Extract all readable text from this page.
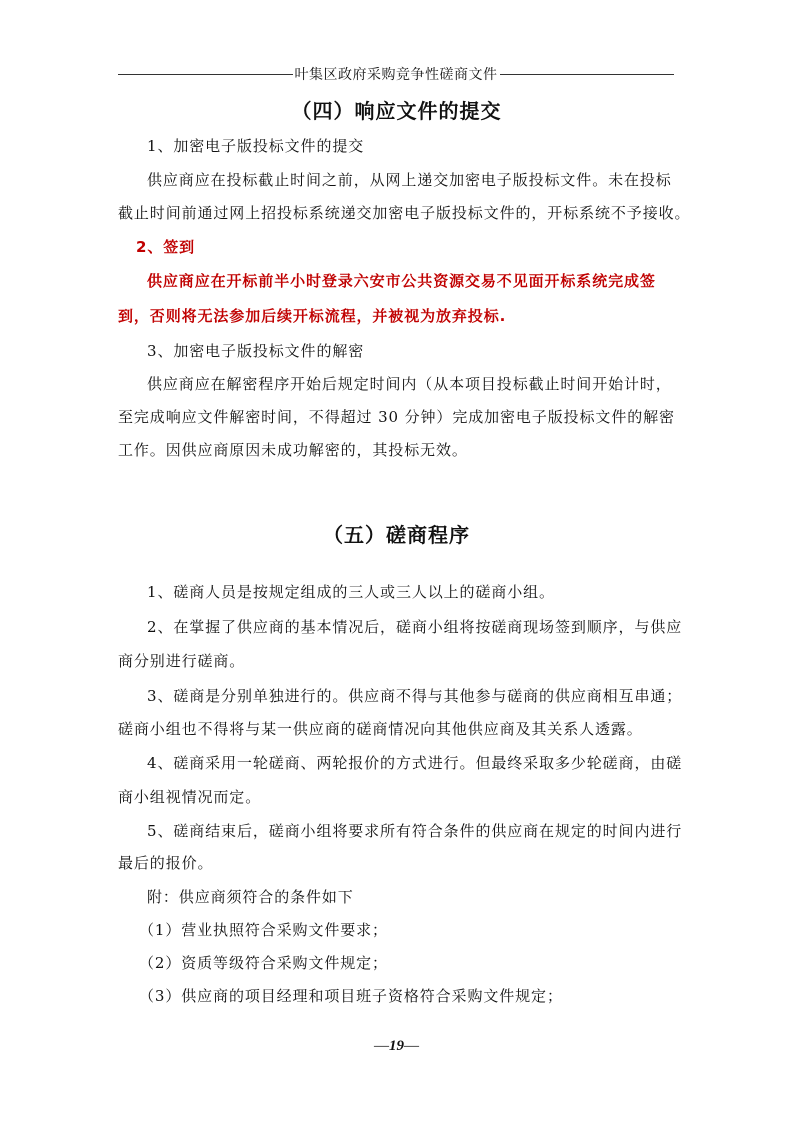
叶集区政府采购竞争性磋商文件
（四）响应文件的提交
1、加密电子版投标文件的提交
供应商应在投标截止时间之前，从网上递交加密电子版投标文件。未在投标
截止时间前通过网上招投标系统递交加密电子版投标文件的，开标系统不予接收。
2、签到
供应商应在开标前半小时登录六安市公共资源交易不见面开标系统完成签
到，否则将无法参加后续开标流程，并被视为放弃投标.
3、加密电子版投标文件的解密
供应商应在解密程序开始后规定时间内（从本项目投标截止时间开始计时，
至完成响应文件解密时间，不得超过 30 分钟）完成加密电子版投标文件的解密
工作。因供应商原因未成功解密的，其投标无效。
（五）磋商程序
1、磋商人员是按规定组成的三人或三人以上的磋商小组。
2、在掌握了供应商的基本情况后，磋商小组将按磋商现场签到顺序，与供应
商分别进行磋商。
3、磋商是分别单独进行的。供应商不得与其他参与磋商的供应商相互串通；
磋商小组也不得将与某一供应商的磋商情况向其他供应商及其关系人透露。
4、磋商采用一轮磋商、两轮报价的方式进行。但最终采取多少轮磋商，由磋
商小组视情况而定。
5、磋商结束后，磋商小组将要求所有符合条件的供应商在规定的时间内进行
最后的报价。
附：供应商须符合的条件如下
（1）营业执照符合采购文件要求；
（2）资质等级符合采购文件规定；
（3）供应商的项目经理和项目班子资格符合采购文件规定；
—19—
